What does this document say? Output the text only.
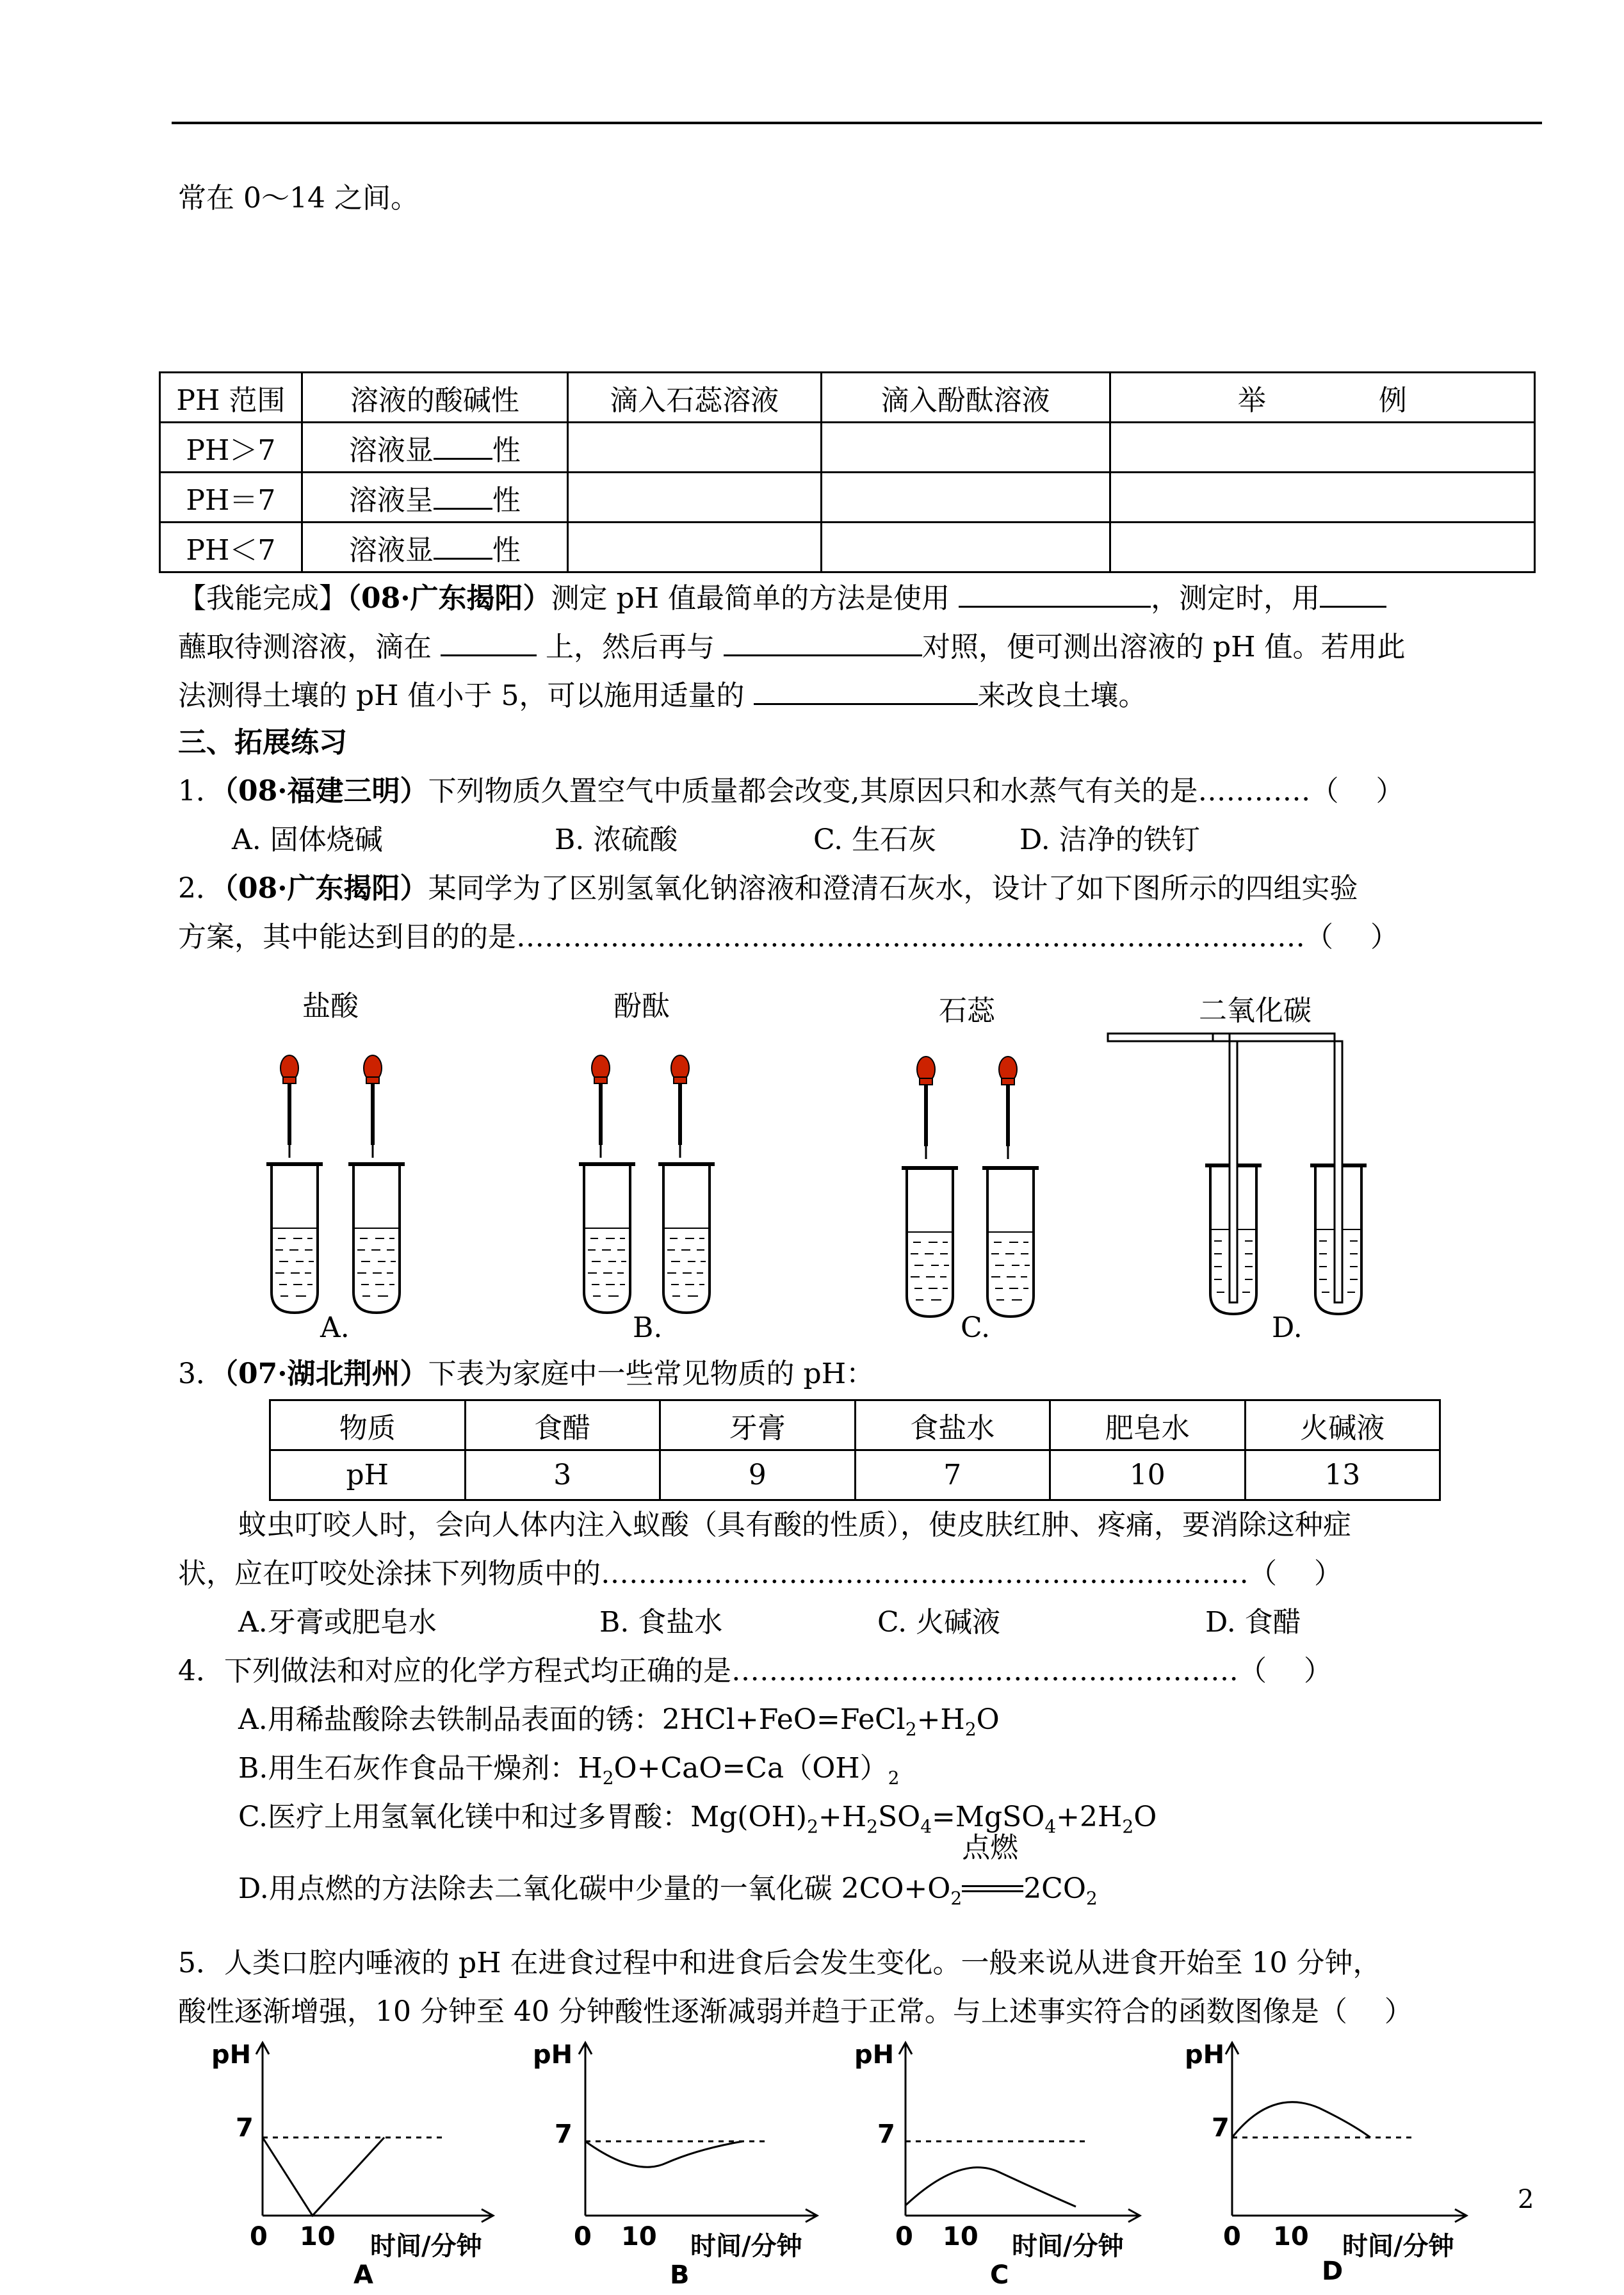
常在 0～14 之间。
PH 范围	溶液的酸碱性	滴入石蕊溶液	滴入酚酞溶液	举　　　　例
PH＞7	溶液显 性			
PH＝7	溶液呈 性			
PH＜7	溶液显 性			
【我能完成】（08·广东揭阳）测定 pH 值最简单的方法是使用	，测定时，用
蘸取待测溶液，滴在	上，然后再与	对照，便可测出溶液的 pH 值。若用此
法测得土壤的 pH 值小于 5，可以施用适量的	来改良土壤。
三、拓展练习
1．（08·福建三明）下列物质久置空气中质量都会改变,其原因只和水蒸气有关的是…………（　 ）
A. 固体烧碱	B. 浓硫酸	C. 生石灰	D. 洁净的铁钉
2．（08·广东揭阳）某同学为了区别氢氧化钠溶液和澄清石灰水，设计了如下图所示的四组实验
方案，其中能达到目的的是…………………………………………………………………………（　 ）
盐酸	酚酞	石蕊	二氧化碳
A.	B.	C.	D.
3．（07·湖北荆州）下表为家庭中一些常见物质的 pH：
物质	食醋	牙膏	食盐水	肥皂水	火碱液
pH	3	9	7	10	13
蚊虫叮咬人时，会向人体内注入蚁酸（具有酸的性质），使皮肤红肿、疼痛，要消除这种症
状，应在叮咬处涂抹下列物质中的……………………………………………………………（　 ）
A.牙膏或肥皂水	B. 食盐水	C. 火碱液	D. 食醋
4．下列做法和对应的化学方程式均正确的是………………………………………………（　 ）
A.用稀盐酸除去铁制品表面的锈：$2HCl+FeO=FeCl_2+H_2O$
B.用生石灰作食品干燥剂：$H_2O+CaO=Ca(OH)_2$
C.医疗上用氢氧化镁中和过多胃酸：$Mg(OH)_2+H_2SO_4=MgSO_4+2H_2O$
D.用点燃的方法除去二氧化碳中少量的一氧化碳 $2CO+O_2$
点燃
$2CO_2$
5．人类口腔内唾液的 pH 在进食过程中和进食后会发生变化。一般来说从进食开始至 10 分钟，
酸性逐渐增强，10 分钟至 40 分钟酸性逐渐减弱并趋于正常。与上述事实符合的函数图像是（　 ）
pH
7
0 10 时间/分钟
A
pH
7
0 10 时间/分钟
B
pH
7
0 10 时间/分钟
C
pH
7
0 10 时间/分钟
D
2
